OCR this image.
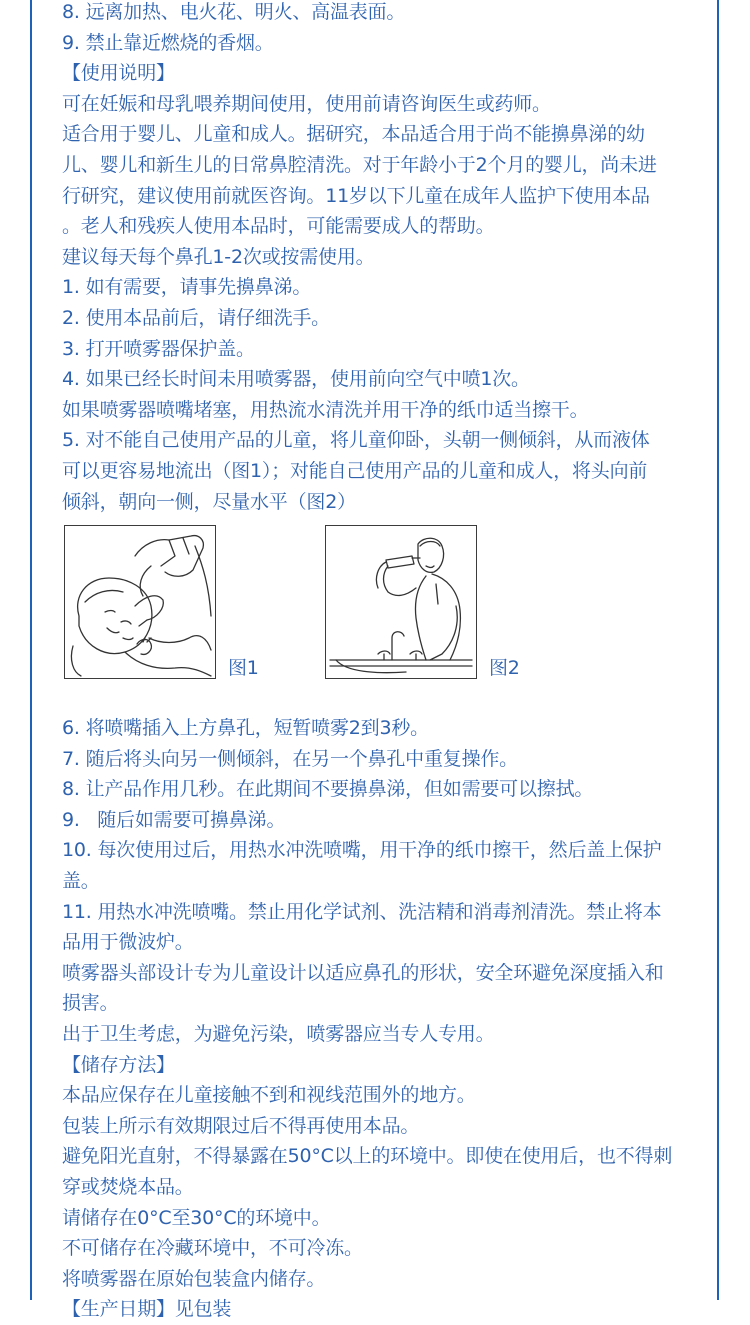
8. 远离加热、电火花、明火、高温表面。
9. 禁止靠近燃烧的香烟。
【使用说明】
可在妊娠和母乳喂养期间使用，使用前请咨询医生或药师。
适合用于婴儿、儿童和成人。据研究，本品适合用于尚不能擤鼻涕的幼
儿、婴儿和新生儿的日常鼻腔清洗。对于年龄小于2个月的婴儿，尚未进
行研究，建议使用前就医咨询。11岁以下儿童在成年人监护下使用本品
。老人和残疾人使用本品时，可能需要成人的帮助。
建议每天每个鼻孔1-2次或按需使用。
1. 如有需要，请事先擤鼻涕。
2. 使用本品前后，请仔细洗手。
3. 打开喷雾器保护盖。
4. 如果已经长时间未用喷雾器，使用前向空气中喷1次。
如果喷雾器喷嘴堵塞，用热流水清洗并用干净的纸巾适当擦干。
5. 对不能自己使用产品的儿童，将儿童仰卧，头朝一侧倾斜，从而液体
可以更容易地流出（图1）；对能自己使用产品的儿童和成人，将头向前
倾斜，朝向一侧，尽量水平（图2）
图1	图2
6. 将喷嘴插入上方鼻孔，短暂喷雾2到3秒。
7. 随后将头向另一侧倾斜，在另一个鼻孔中重复操作。
8. 让产品作用几秒。在此期间不要擤鼻涕，但如需要可以擦拭。
9.   随后如需要可擤鼻涕。
10. 每次使用过后，用热水冲洗喷嘴，用干净的纸巾擦干，然后盖上保护
盖。
11. 用热水冲洗喷嘴。禁止用化学试剂、洗洁精和消毒剂清洗。禁止将本
品用于微波炉。
喷雾器头部设计专为儿童设计以适应鼻孔的形状，安全环避免深度插入和
损害。
出于卫生考虑，为避免污染，喷雾器应当专人专用。
【储存方法】
本品应保存在儿童接触不到和视线范围外的地方。
包装上所示有效期限过后不得再使用本品。
避免阳光直射，不得暴露在50°C以上的环境中。即使在使用后，也不得刺
穿或焚烧本品。
请储存在0°C至30°C的环境中。
不可储存在冷藏环境中，不可冷冻。
将喷雾器在原始包装盒内储存。
【生产日期】见包装
